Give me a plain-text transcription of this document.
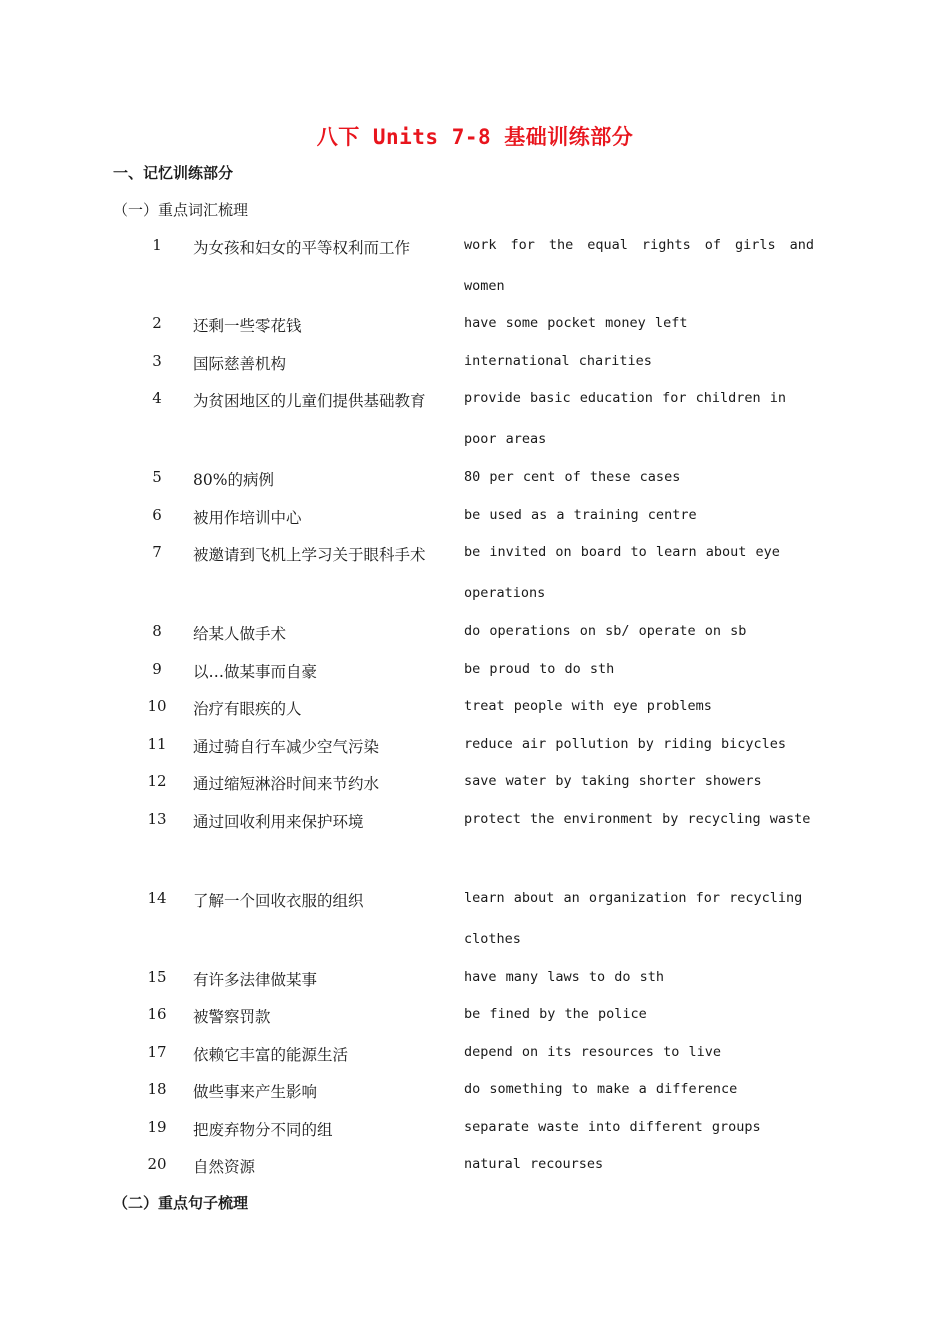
八下 Units 7-8 基础训练部分
一、记忆训练部分
（一）重点词汇梳理
1	为女孩和妇女的平等权利而工作	work for the equal rights of girls and women
2	还剩一些零花钱	have some pocket money left
3	国际慈善机构	international charities
4	为贫困地区的儿童们提供基础教育	provide basic education for children in poor areas
5	80%的病例	80 per cent of these cases
6	被用作培训中心	be used as a training centre
7	被邀请到飞机上学习关于眼科手术	be invited on board to learn about eye operations
8	给某人做手术	do operations on sb/ operate on sb
9	以…做某事而自豪	be proud to do sth
10	治疗有眼疾的人	treat people with eye problems
11	通过骑自行车减少空气污染	reduce air pollution by riding bicycles
12	通过缩短淋浴时间来节约水	save water by taking shorter showers
13	通过回收利用来保护环境	protect the environment by recycling waste
14	了解一个回收衣服的组织	learn about an organization for recycling clothes
15	有许多法律做某事	have many laws to do sth
16	被警察罚款	be fined by the police
17	依赖它丰富的能源生活	depend on its resources to live
18	做些事来产生影响	do something to make a difference
19	把废弃物分不同的组	separate waste into different groups
20	自然资源	natural recourses
（二）重点句子梳理
